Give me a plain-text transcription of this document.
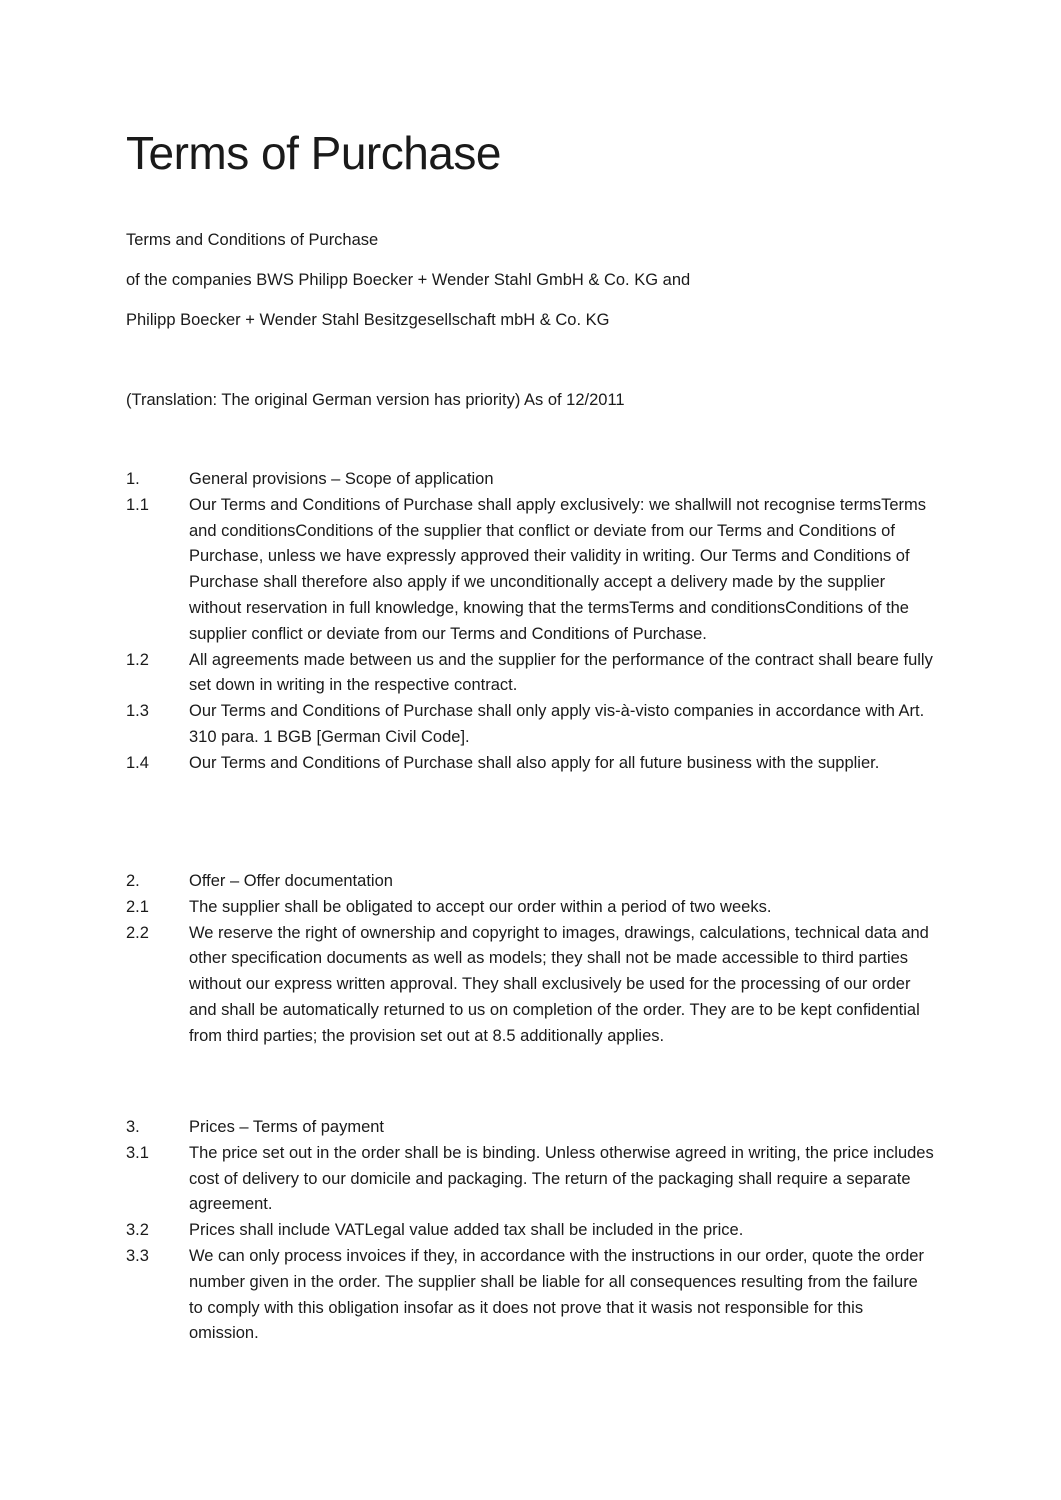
Terms of Purchase
Terms and Conditions of Purchase
of the companies BWS Philipp Boecker + Wender Stahl GmbH & Co. KG and
Philipp Boecker + Wender Stahl Besitzgesellschaft mbH & Co. KG
(Translation: The original German version has priority) As of 12/2011
1.	General provisions – Scope of application
1.1	Our Terms and Conditions of Purchase shall apply exclusively: we shallwill not recognise termsTerms and conditionsConditions of the supplier that conflict or deviate from our Terms and Conditions of Purchase, unless we have expressly approved their validity in writing. Our Terms and Conditions of Purchase shall therefore also apply if we unconditionally accept a delivery made by the supplier without reservation in full knowledge, knowing that the termsTerms and conditionsConditions of the supplier conflict or deviate from our Terms and Conditions of Purchase.
1.2	All agreements made between us and the supplier for the performance of the contract shall beare fully set down in writing in the respective contract.
1.3	Our Terms and Conditions of Purchase shall only apply vis-à-visto companies in accordance with Art. 310 para. 1 BGB [German Civil Code].
1.4	Our Terms and Conditions of Purchase shall also apply for all future business with the supplier.
2.	Offer – Offer documentation
2.1	The supplier shall be obligated to accept our order within a period of two weeks.
2.2	We reserve the right of ownership and copyright to images, drawings, calculations, technical data and other specification documents as well as models; they shall not be made accessible to third parties without our express written approval. They shall exclusively be used for the processing of our order and shall be automatically returned to us on completion of the order. They are to be kept confidential from third parties; the provision set out at 8.5 additionally applies.
3.	Prices – Terms of payment
3.1	The price set out in the order shall be is binding. Unless otherwise agreed in writing, the price includes cost of delivery to our domicile and packaging. The return of the packaging shall require a separate agreement.
3.2	Prices shall include VATLegal value added tax shall be included in the price.
3.3	We can only process invoices if they, in accordance with the instructions in our order, quote the order number given in the order. The supplier shall be liable for all consequences resulting from the failure to comply with this obligation insofar as it does not prove that it wasis not responsible for this omission.
